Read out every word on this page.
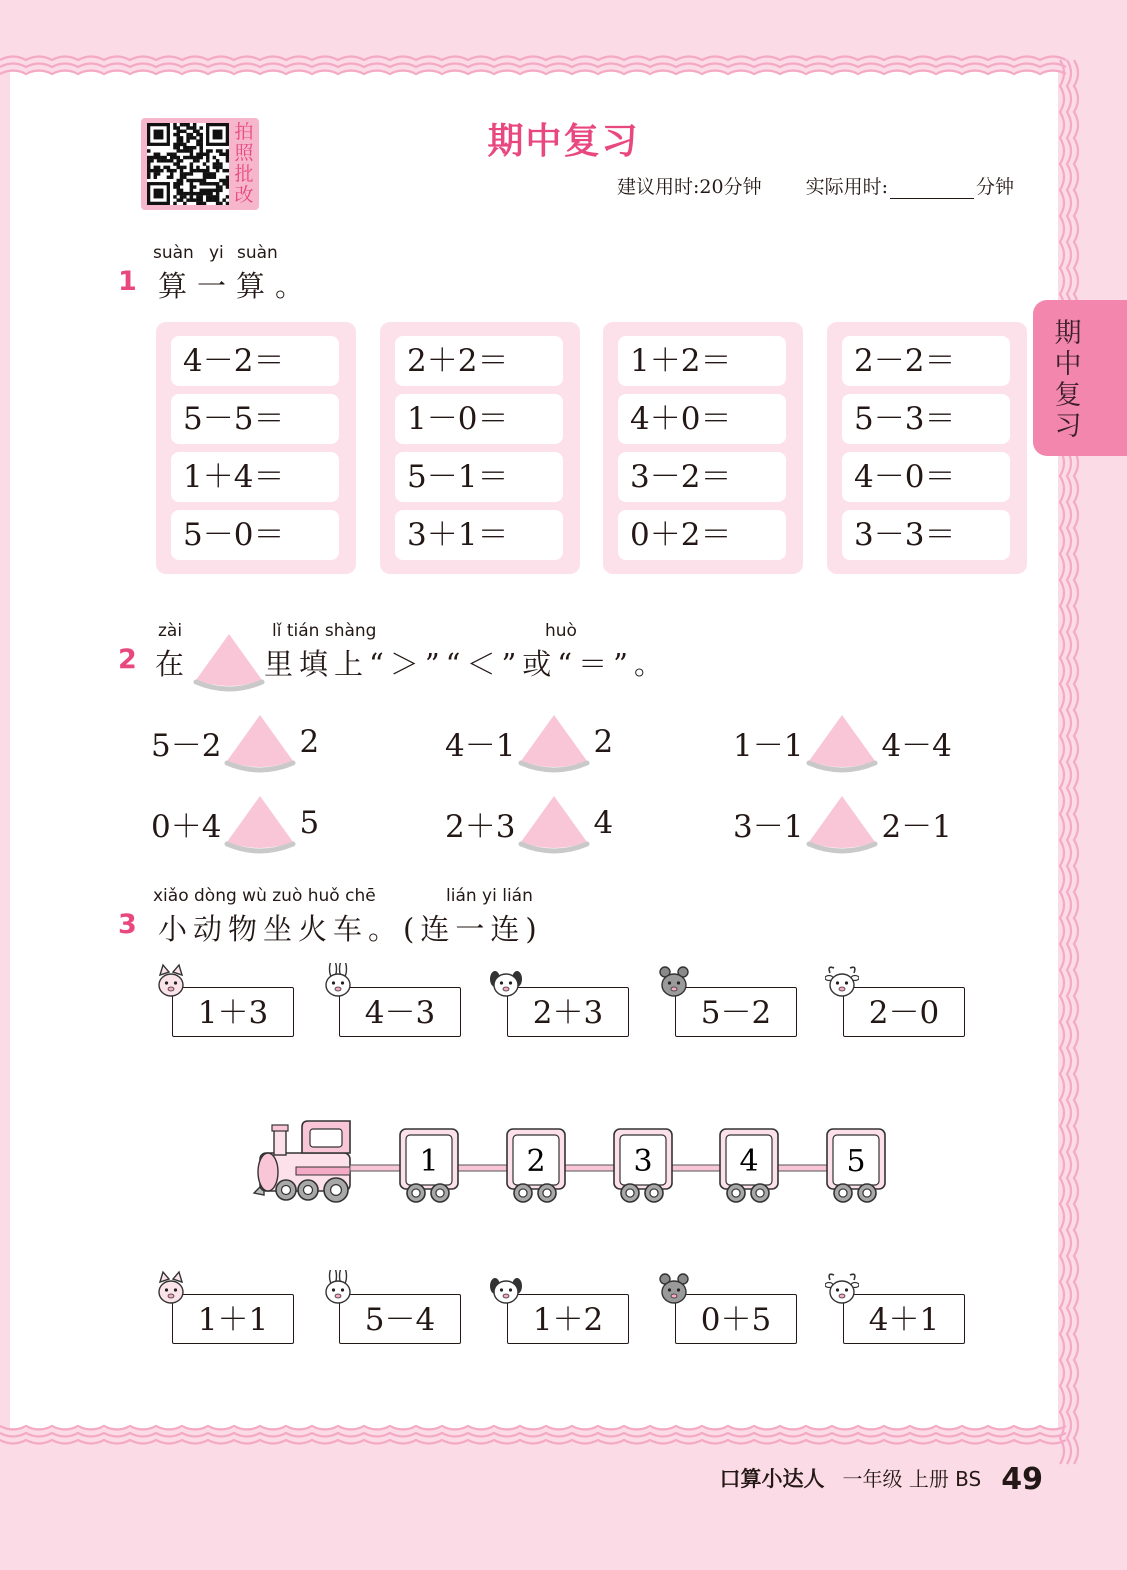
拍照批改
期中复习
建议用时:20分钟 实际用时:	分钟
期中复习
1
suàn yi suàn
算一算。
4－2＝
5－5＝
1＋4＝
5－0＝
2＋2＝
1－0＝
5－1＝
3＋1＝
1＋2＝
4＋0＝
3－2＝
0＋2＝
2－2＝
5－3＝
4－0＝
3－3＝
2
zài	lǐ tián shàng	huò
在	里填上“＞”“＜”或“＝”。
5－2	2	4－1	2	1－1	4－4
0＋4	5	2＋3	4	3－1	2－1
3
xiǎo dòng wù zuò huǒ chē	lián yi lián
小动物坐火车。(连一连)
1＋3	4－3	2＋3	5－2	2－0
1＋1	5－4	1＋2	0＋5	4＋1
1	2	3	4	5
口算小达人 一年级 上册 BS 49
